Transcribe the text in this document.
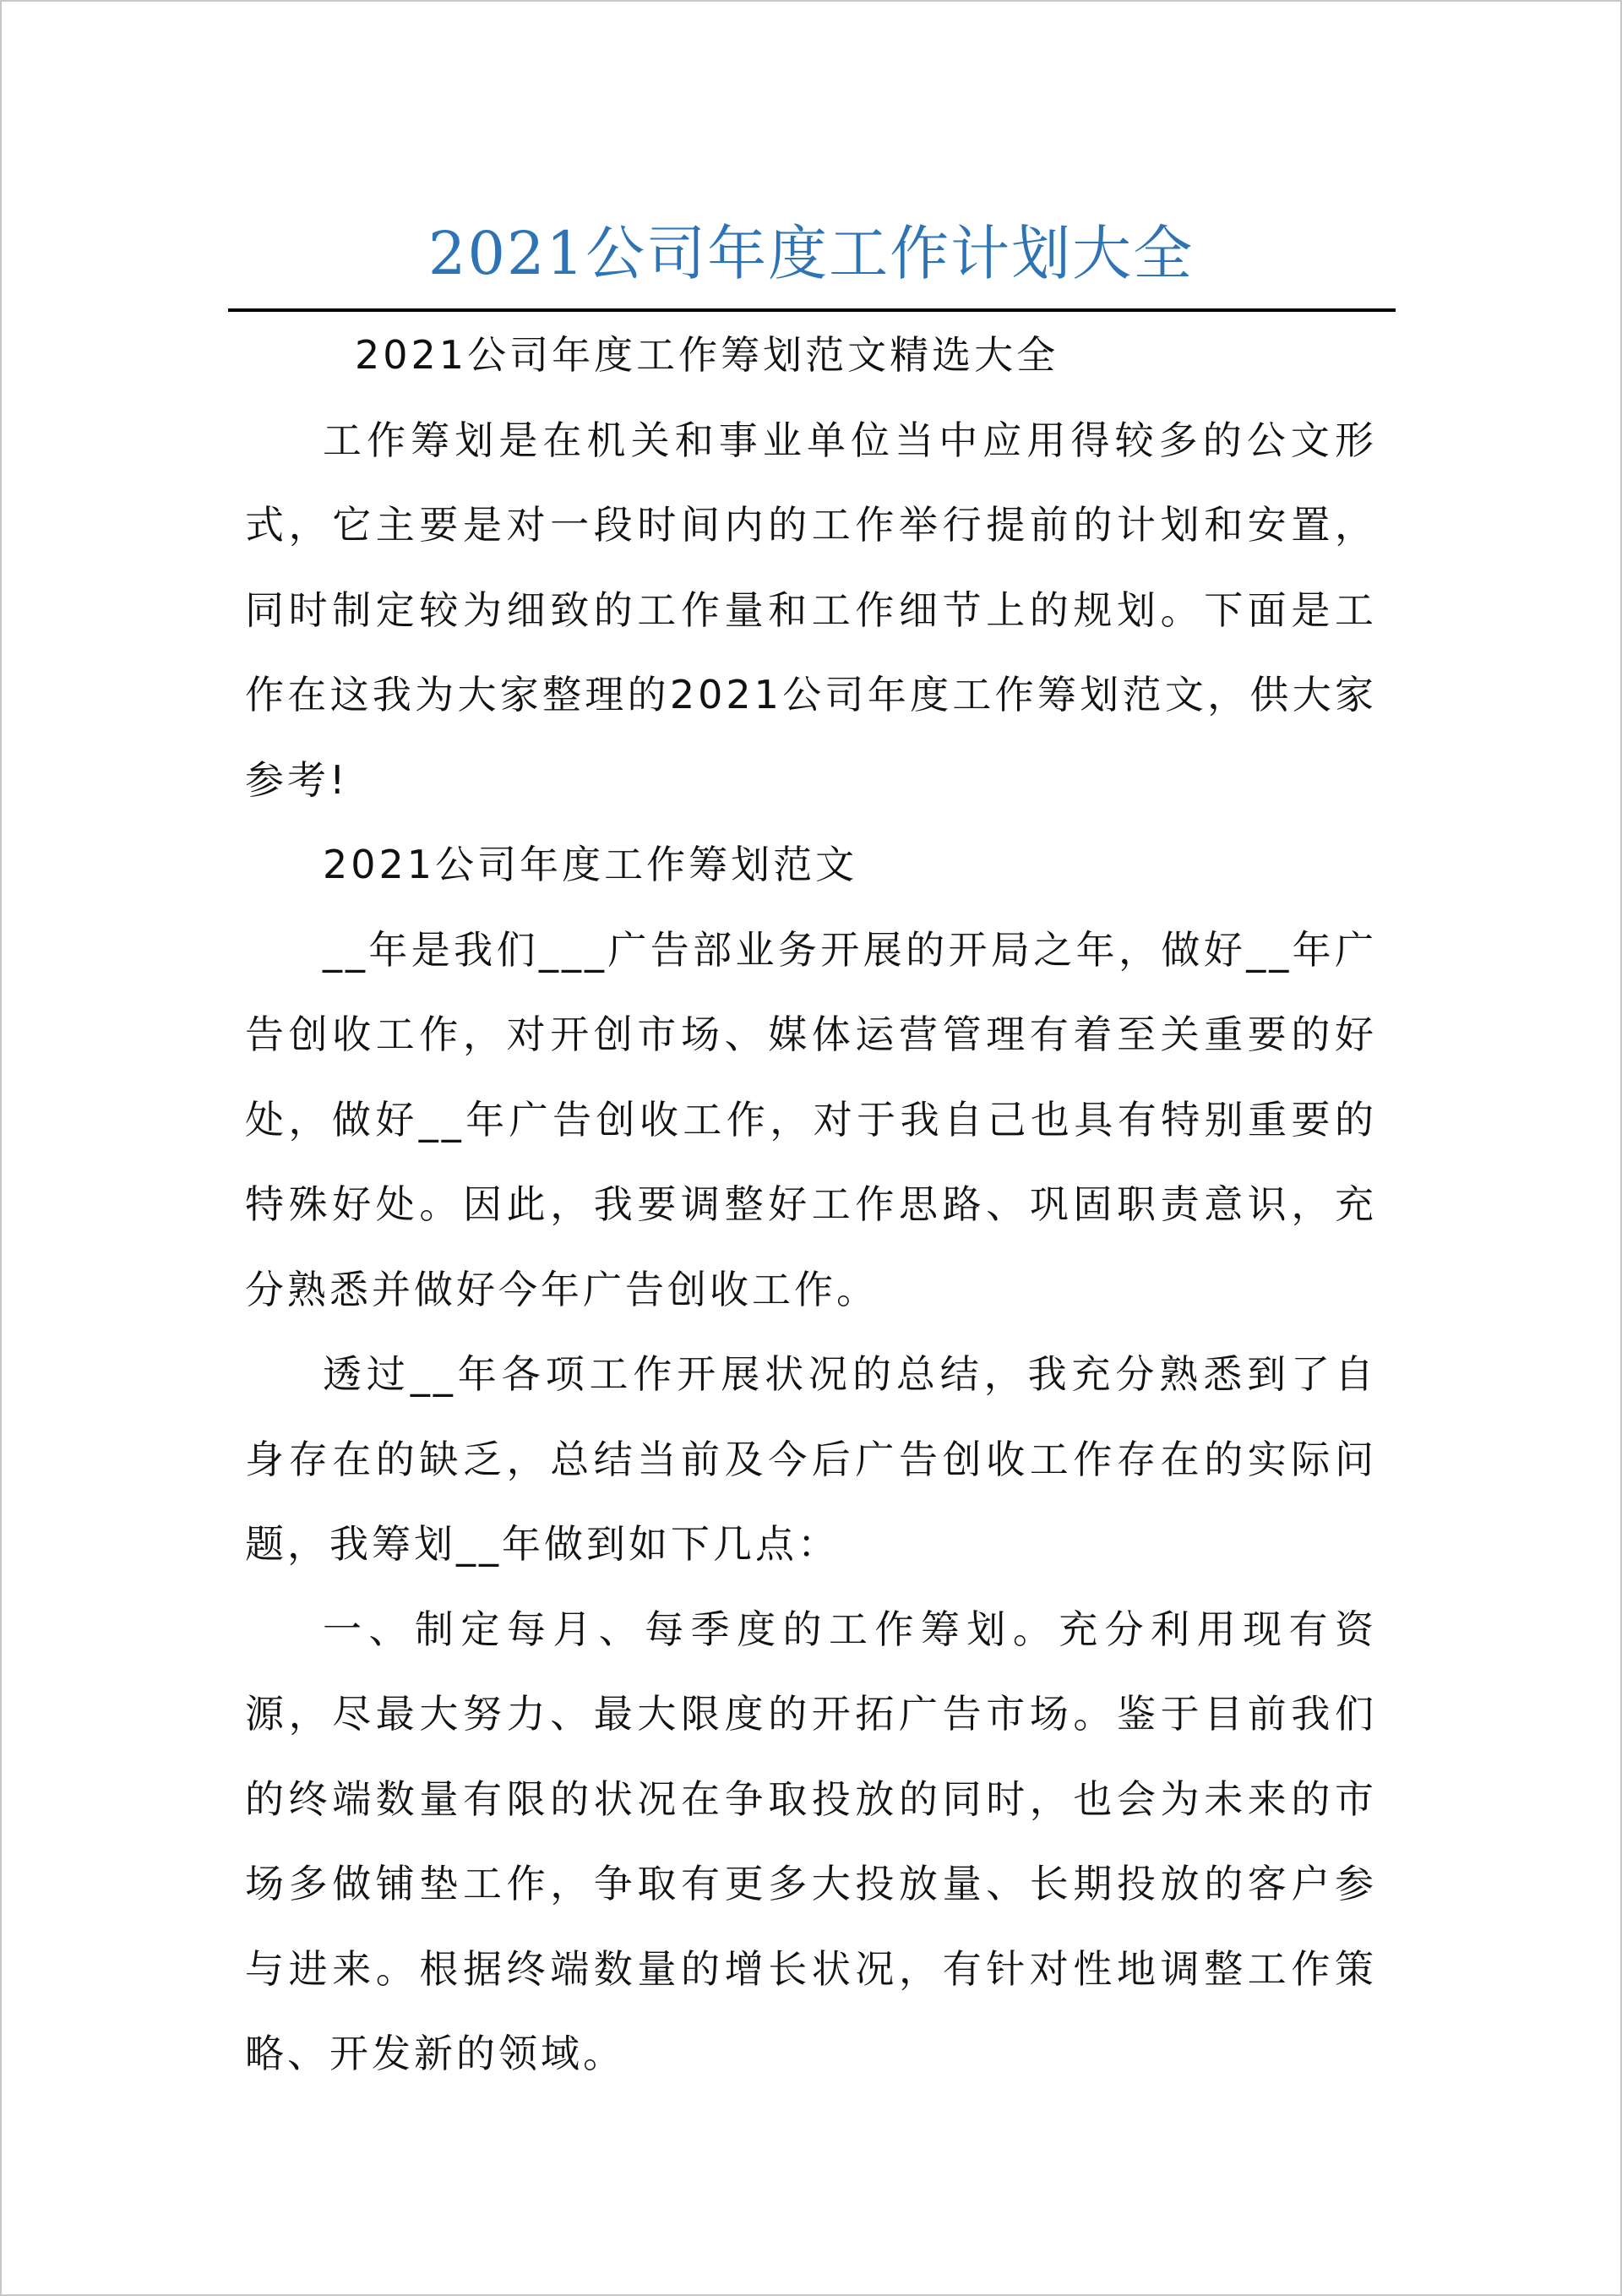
2021公司年度工作计划大全

2021公司年度工作筹划范文精选大全

工作筹划是在机关和事业单位当中应用得较多的公文形式，它主要是对一段时间内的工作举行提前的计划和安置，同时制定较为细致的工作量和工作细节上的规划。下面是工作在这我为大家整理的2021公司年度工作筹划范文，供大家参考!

2021公司年度工作筹划范文

__年是我们___广告部业务开展的开局之年，做好__年广告创收工作，对开创市场、媒体运营管理有着至关重要的好处，做好__年广告创收工作，对于我自己也具有特别重要的特殊好处。因此，我要调整好工作思路、巩固职责意识，充分熟悉并做好今年广告创收工作。

透过__年各项工作开展状况的总结，我充分熟悉到了自身存在的缺乏，总结当前及今后广告创收工作存在的实际问题，我筹划__年做到如下几点：

一、制定每月、每季度的工作筹划。充分利用现有资源，尽最大努力、最大限度的开拓广告市场。鉴于目前我们的终端数量有限的状况在争取投放的同时，也会为未来的市场多做铺垫工作，争取有更多大投放量、长期投放的客户参与进来。根据终端数量的增长状况，有针对性地调整工作策略、开发新的领域。
